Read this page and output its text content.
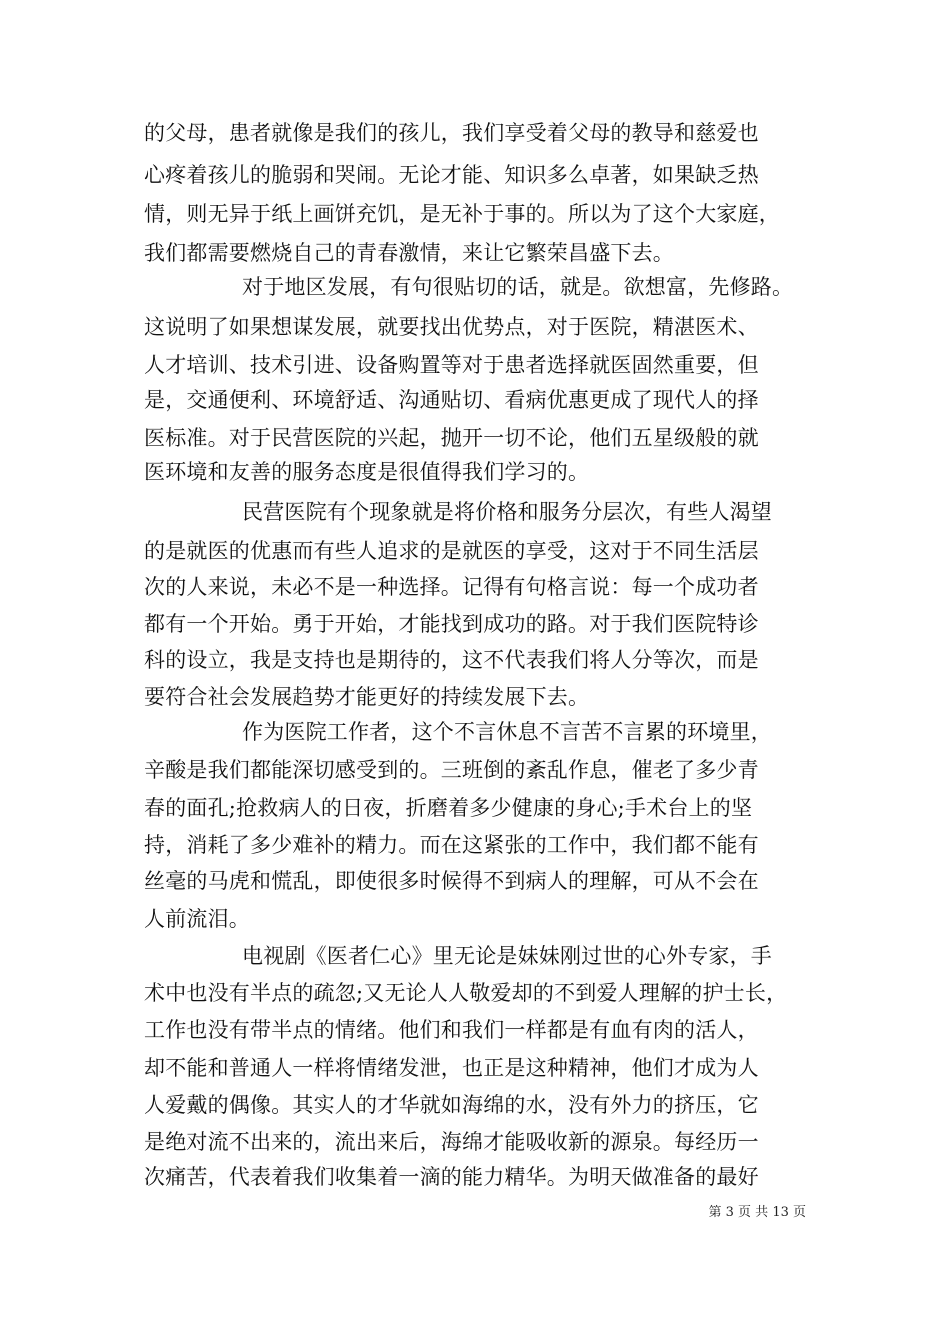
的父母，患者就像是我们的孩儿，我们享受着父母的教导和慈爱也
心疼着孩儿的脆弱和哭闹。无论才能、知识多么卓著，如果缺乏热
情，则无异于纸上画饼充饥，是无补于事的。所以为了这个大家庭，
我们都需要燃烧自己的青春激情，来让它繁荣昌盛下去。
对于地区发展，有句很贴切的话，就是。欲想富，先修路。
这说明了如果想谋发展，就要找出优势点，对于医院，精湛医术、
人才培训、技术引进、设备购置等对于患者选择就医固然重要，但
是，交通便利、环境舒适、沟通贴切、看病优惠更成了现代人的择
医标准。对于民营医院的兴起，抛开一切不论，他们五星级般的就
医环境和友善的服务态度是很值得我们学习的。
民营医院有个现象就是将价格和服务分层次，有些人渴望
的是就医的优惠而有些人追求的是就医的享受，这对于不同生活层
次的人来说，未必不是一种选择。记得有句格言说：每一个成功者
都有一个开始。勇于开始，才能找到成功的路。对于我们医院特诊
科的设立，我是支持也是期待的，这不代表我们将人分等次，而是
要符合社会发展趋势才能更好的持续发展下去。
作为医院工作者，这个不言休息不言苦不言累的环境里，
辛酸是我们都能深切感受到的。三班倒的紊乱作息，催老了多少青
春的面孔;抢救病人的日夜，折磨着多少健康的身心;手术台上的坚
持，消耗了多少难补的精力。而在这紧张的工作中，我们都不能有
丝毫的马虎和慌乱，即使很多时候得不到病人的理解，可从不会在
人前流泪。
电视剧《医者仁心》里无论是妹妹刚过世的心外专家，手
术中也没有半点的疏忽;又无论人人敬爱却的不到爱人理解的护士长，
工作也没有带半点的情绪。他们和我们一样都是有血有肉的活人，
却不能和普通人一样将情绪发泄，也正是这种精神，他们才成为人
人爱戴的偶像。其实人的才华就如海绵的水，没有外力的挤压，它
是绝对流不出来的，流出来后，海绵才能吸收新的源泉。每经历一
次痛苦，代表着我们收集着一滴的能力精华。为明天做准备的最好
第 3 页 共 13 页
